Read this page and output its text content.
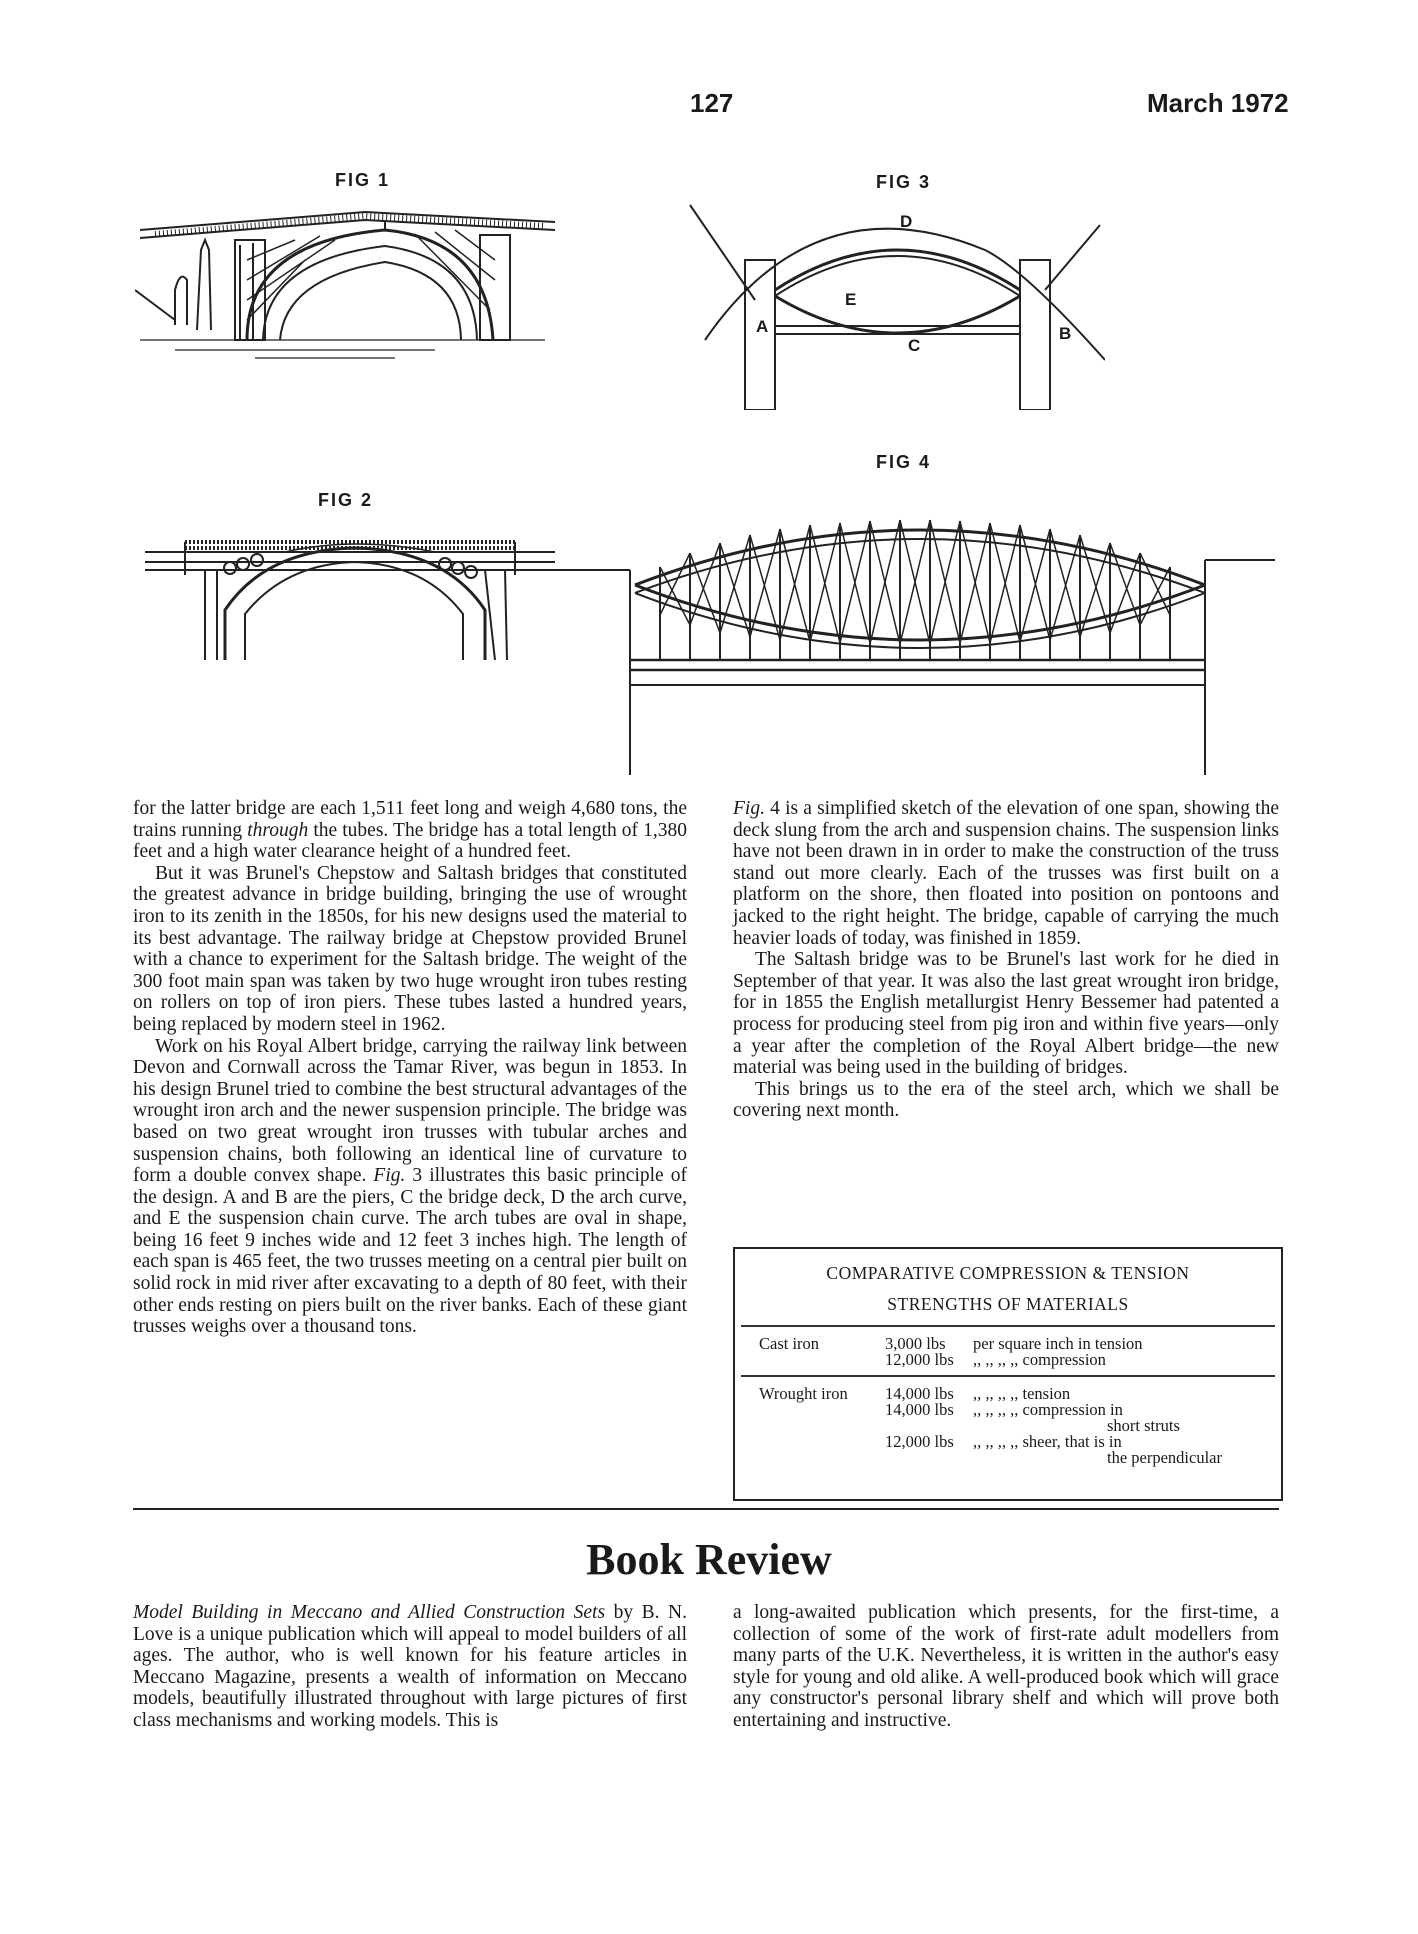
127	March 1972
FIG 1	FIG 3
D
E
A
C
B
FIG 2
FIG 4

for the latter bridge are each 1,511 feet long and weigh 4,680 tons, the trains running through the tubes. The bridge has a total length of 1,380 feet and a high water clearance height of a hundred feet.

But it was Brunel's Chepstow and Saltash bridges that constituted the greatest advance in bridge building, bringing the use of wrought iron to its zenith in the 1850s, for his new designs used the material to its best advantage. The railway bridge at Chepstow provided Brunel with a chance to experiment for the Saltash bridge. The weight of the 300 foot main span was taken by two huge wrought iron tubes resting on rollers on top of iron piers. These tubes lasted a hundred years, being replaced by modern steel in 1962.

Work on his Royal Albert bridge, carrying the railway link between Devon and Cornwall across the Tamar River, was begun in 1853. In his design Brunel tried to combine the best structural advantages of the wrought iron arch and the newer suspension principle. The bridge was based on two great wrought iron trusses with tubular arches and suspension chains, both following an identical line of curvature to form a double convex shape. Fig. 3 illustrates this basic principle of the design. A and B are the piers, C the bridge deck, D the arch curve, and E the suspension chain curve. The arch tubes are oval in shape, being 16 feet 9 inches wide and 12 feet 3 inches high. The length of each span is 465 feet, the two trusses meeting on a central pier built on solid rock in mid river after excavating to a depth of 80 feet, with their other ends resting on piers built on the river banks. Each of these giant trusses weighs over a thousand tons.

Fig. 4 is a simplified sketch of the elevation of one span, showing the deck slung from the arch and suspension chains. The suspension links have not been drawn in in order to make the construction of the truss stand out more clearly. Each of the trusses was first built on a platform on the shore, then floated into position on pontoons and jacked to the right height. The bridge, capable of carrying the much heavier loads of today, was finished in 1859.

The Saltash bridge was to be Brunel's last work for he died in September of that year. It was also the last great wrought iron bridge, for in 1855 the English metallurgist Henry Bessemer had patented a process for producing steel from pig iron and within five years—only a year after the completion of the Royal Albert bridge—the new material was being used in the building of bridges.

This brings us to the era of the steel arch, which we shall be covering next month.

COMPARATIVE COMPRESSION & TENSION
STRENGTHS OF MATERIALS
Cast iron	3,000 lbs per square inch in tension
12,000 lbs ,, ,, ,, ,, compression
Wrought iron 14,000 lbs ,, ,, ,, ,, tension
14,000 lbs ,, ,, ,, ,, compression in
short struts
12,000 lbs ,, ,, ,, ,, sheer, that is in
the perpendicular
Book Review

Model Building in Meccano and Allied Construction Sets by B. N. Love is a unique publication which will appeal to model builders of all ages. The author, who is well known for his feature articles in Meccano Magazine, presents a wealth of information on Meccano models, beautifully illustrated throughout with large pictures of first class mechanisms and working models. This is

a long-awaited publication which presents, for the first-time, a collection of some of the work of first-rate adult modellers from many parts of the U.K. Nevertheless, it is written in the author's easy style for young and old alike. A well-produced book which will grace any constructor's personal library shelf and which will prove both entertaining and instructive.
